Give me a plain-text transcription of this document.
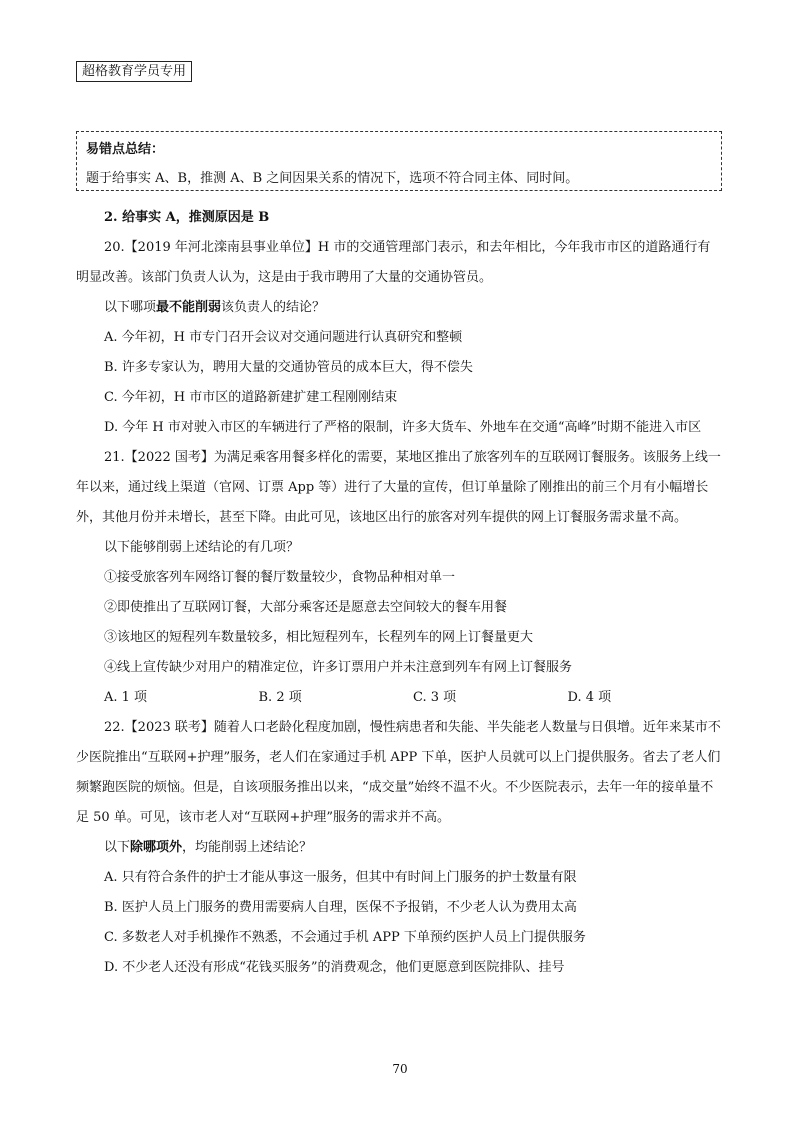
超格教育学员专用
易错点总结：
题于给事实 A、B，推测 A、B 之间因果关系的情况下，选项不符合同主体、同时间。

2. 给事实 A，推测原因是 B

20.【2019 年河北滦南县事业单位】H 市的交通管理部门表示，和去年相比，今年我市市区的道路通行有明显改善。该部门负责人认为，这是由于我市聘用了大量的交通协管员。

以下哪项最不能削弱该负责人的结论？

A. 今年初，H 市专门召开会议对交通问题进行认真研究和整顿

B. 许多专家认为，聘用大量的交通协管员的成本巨大，得不偿失

C. 今年初，H 市市区的道路新建扩建工程刚刚结束

D. 今年 H 市对驶入市区的车辆进行了严格的限制，许多大货车、外地车在交通“高峰”时期不能进入市区

21.【2022 国考】为满足乘客用餐多样化的需要，某地区推出了旅客列车的互联网订餐服务。该服务上线一年以来，通过线上渠道（官网、订票 App 等）进行了大量的宣传，但订单量除了刚推出的前三个月有小幅增长外，其他月份并未增长，甚至下降。由此可见，该地区出行的旅客对列车提供的网上订餐服务需求量不高。

以下能够削弱上述结论的有几项？

①接受旅客列车网络订餐的餐厅数量较少，食物品种相对单一

②即使推出了互联网订餐，大部分乘客还是愿意去空间较大的餐车用餐

③该地区的短程列车数量较多，相比短程列车，长程列车的网上订餐量更大

④线上宣传缺少对用户的精准定位，许多订票用户并未注意到列车有网上订餐服务

A. 1 项	B. 2 项	C. 3 项	D. 4 项

22.【2023 联考】随着人口老龄化程度加剧，慢性病患者和失能、半失能老人数量与日俱增。近年来某市不少医院推出“互联网+护理”服务，老人们在家通过手机 APP 下单，医护人员就可以上门提供服务。省去了老人们频繁跑医院的烦恼。但是，自该项服务推出以来，“成交量”始终不温不火。不少医院表示，去年一年的接单量不足 50 单。可见，该市老人对“互联网+护理”服务的需求并不高。

以下除哪项外，均能削弱上述结论？

A. 只有符合条件的护士才能从事这一服务，但其中有时间上门服务的护士数量有限

B. 医护人员上门服务的费用需要病人自理，医保不予报销，不少老人认为费用太高

C. 多数老人对手机操作不熟悉，不会通过手机 APP 下单预约医护人员上门提供服务

D. 不少老人还没有形成“花钱买服务”的消费观念，他们更愿意到医院排队、挂号

70
